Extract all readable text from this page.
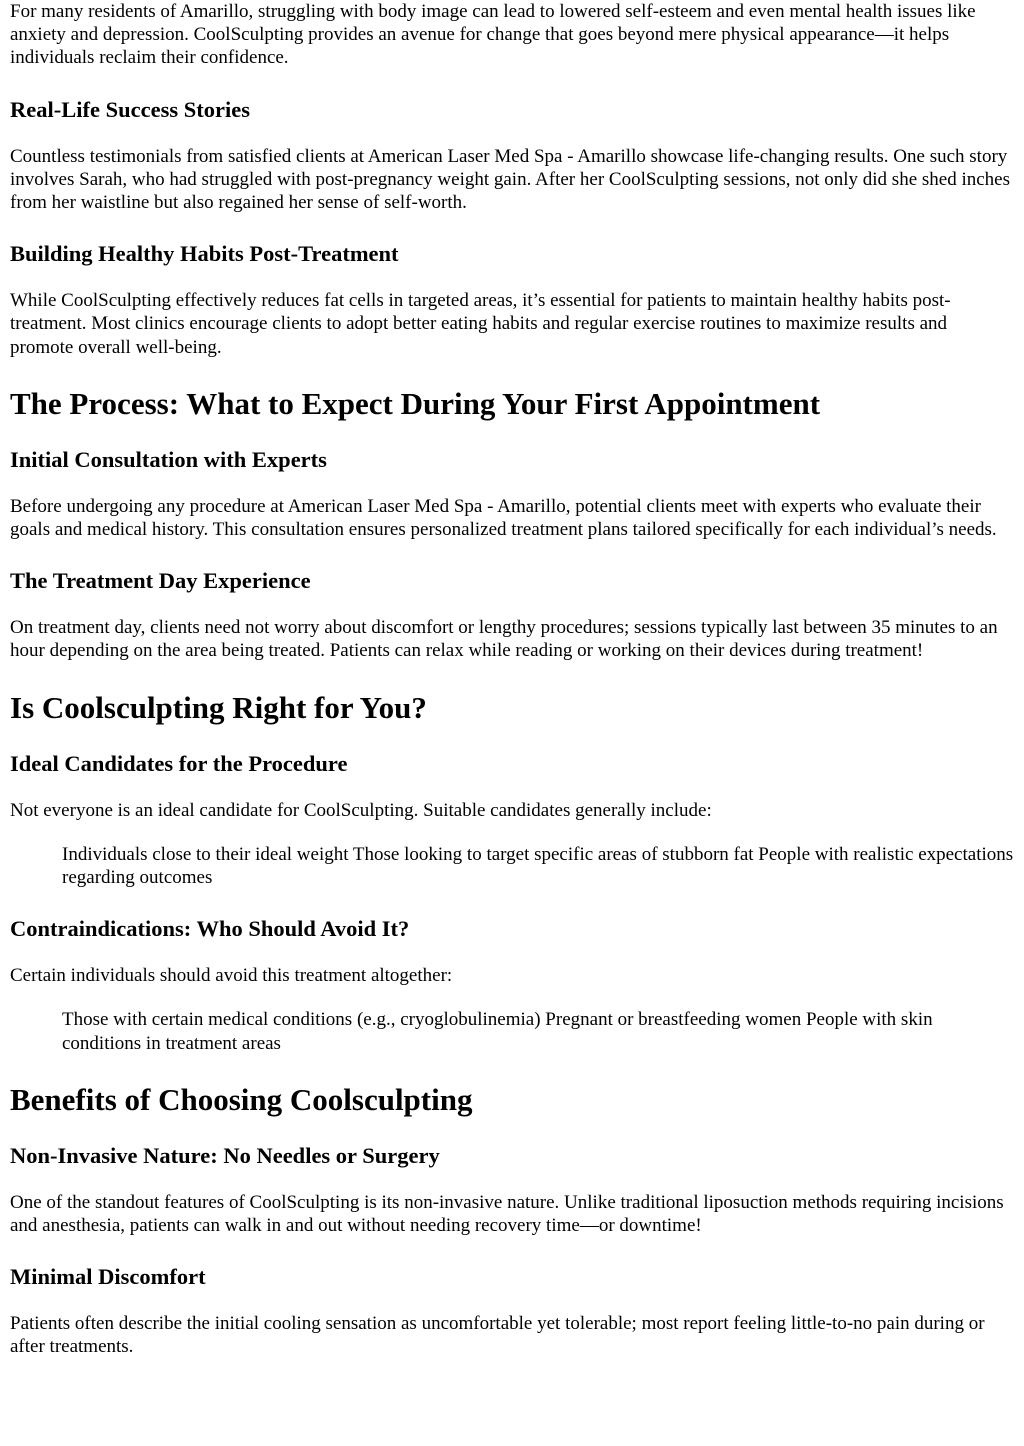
For many residents of Amarillo, struggling with body image can lead to lowered self-esteem and even mental health issues like anxiety and depression. CoolSculpting provides an avenue for change that goes beyond mere physical appearance—it helps individuals reclaim their confidence.

Real-Life Success Stories

Countless testimonials from satisfied clients at American Laser Med Spa - Amarillo showcase life-changing results. One such story involves Sarah, who had struggled with post-pregnancy weight gain. After her CoolSculpting sessions, not only did she shed inches from her waistline but also regained her sense of self-worth.

Building Healthy Habits Post-Treatment

While CoolSculpting effectively reduces fat cells in targeted areas, it’s essential for patients to maintain healthy habits post-treatment. Most clinics encourage clients to adopt better eating habits and regular exercise routines to maximize results and promote overall well-being.

The Process: What to Expect During Your First Appointment
Initial Consultation with Experts

Before undergoing any procedure at American Laser Med Spa - Amarillo, potential clients meet with experts who evaluate their goals and medical history. This consultation ensures personalized treatment plans tailored specifically for each individual’s needs.

The Treatment Day Experience

On treatment day, clients need not worry about discomfort or lengthy procedures; sessions typically last between 35 minutes to an hour depending on the area being treated. Patients can relax while reading or working on their devices during treatment!

Is Coolsculpting Right for You?
Ideal Candidates for the Procedure

Not everyone is an ideal candidate for CoolSculpting. Suitable candidates generally include:

Individuals close to their ideal weight Those looking to target specific areas of stubborn fat People with realistic expectations regarding outcomes
Contraindications: Who Should Avoid It?

Certain individuals should avoid this treatment altogether:

Those with certain medical conditions (e.g., cryoglobulinemia) Pregnant or breastfeeding women People with skin conditions in treatment areas
Benefits of Choosing Coolsculpting
Non-Invasive Nature: No Needles or Surgery

One of the standout features of CoolSculpting is its non-invasive nature. Unlike traditional liposuction methods requiring incisions and anesthesia, patients can walk in and out without needing recovery time—or downtime!

Minimal Discomfort

Patients often describe the initial cooling sensation as uncomfortable yet tolerable; most report feeling little-to-no pain during or after treatments.
